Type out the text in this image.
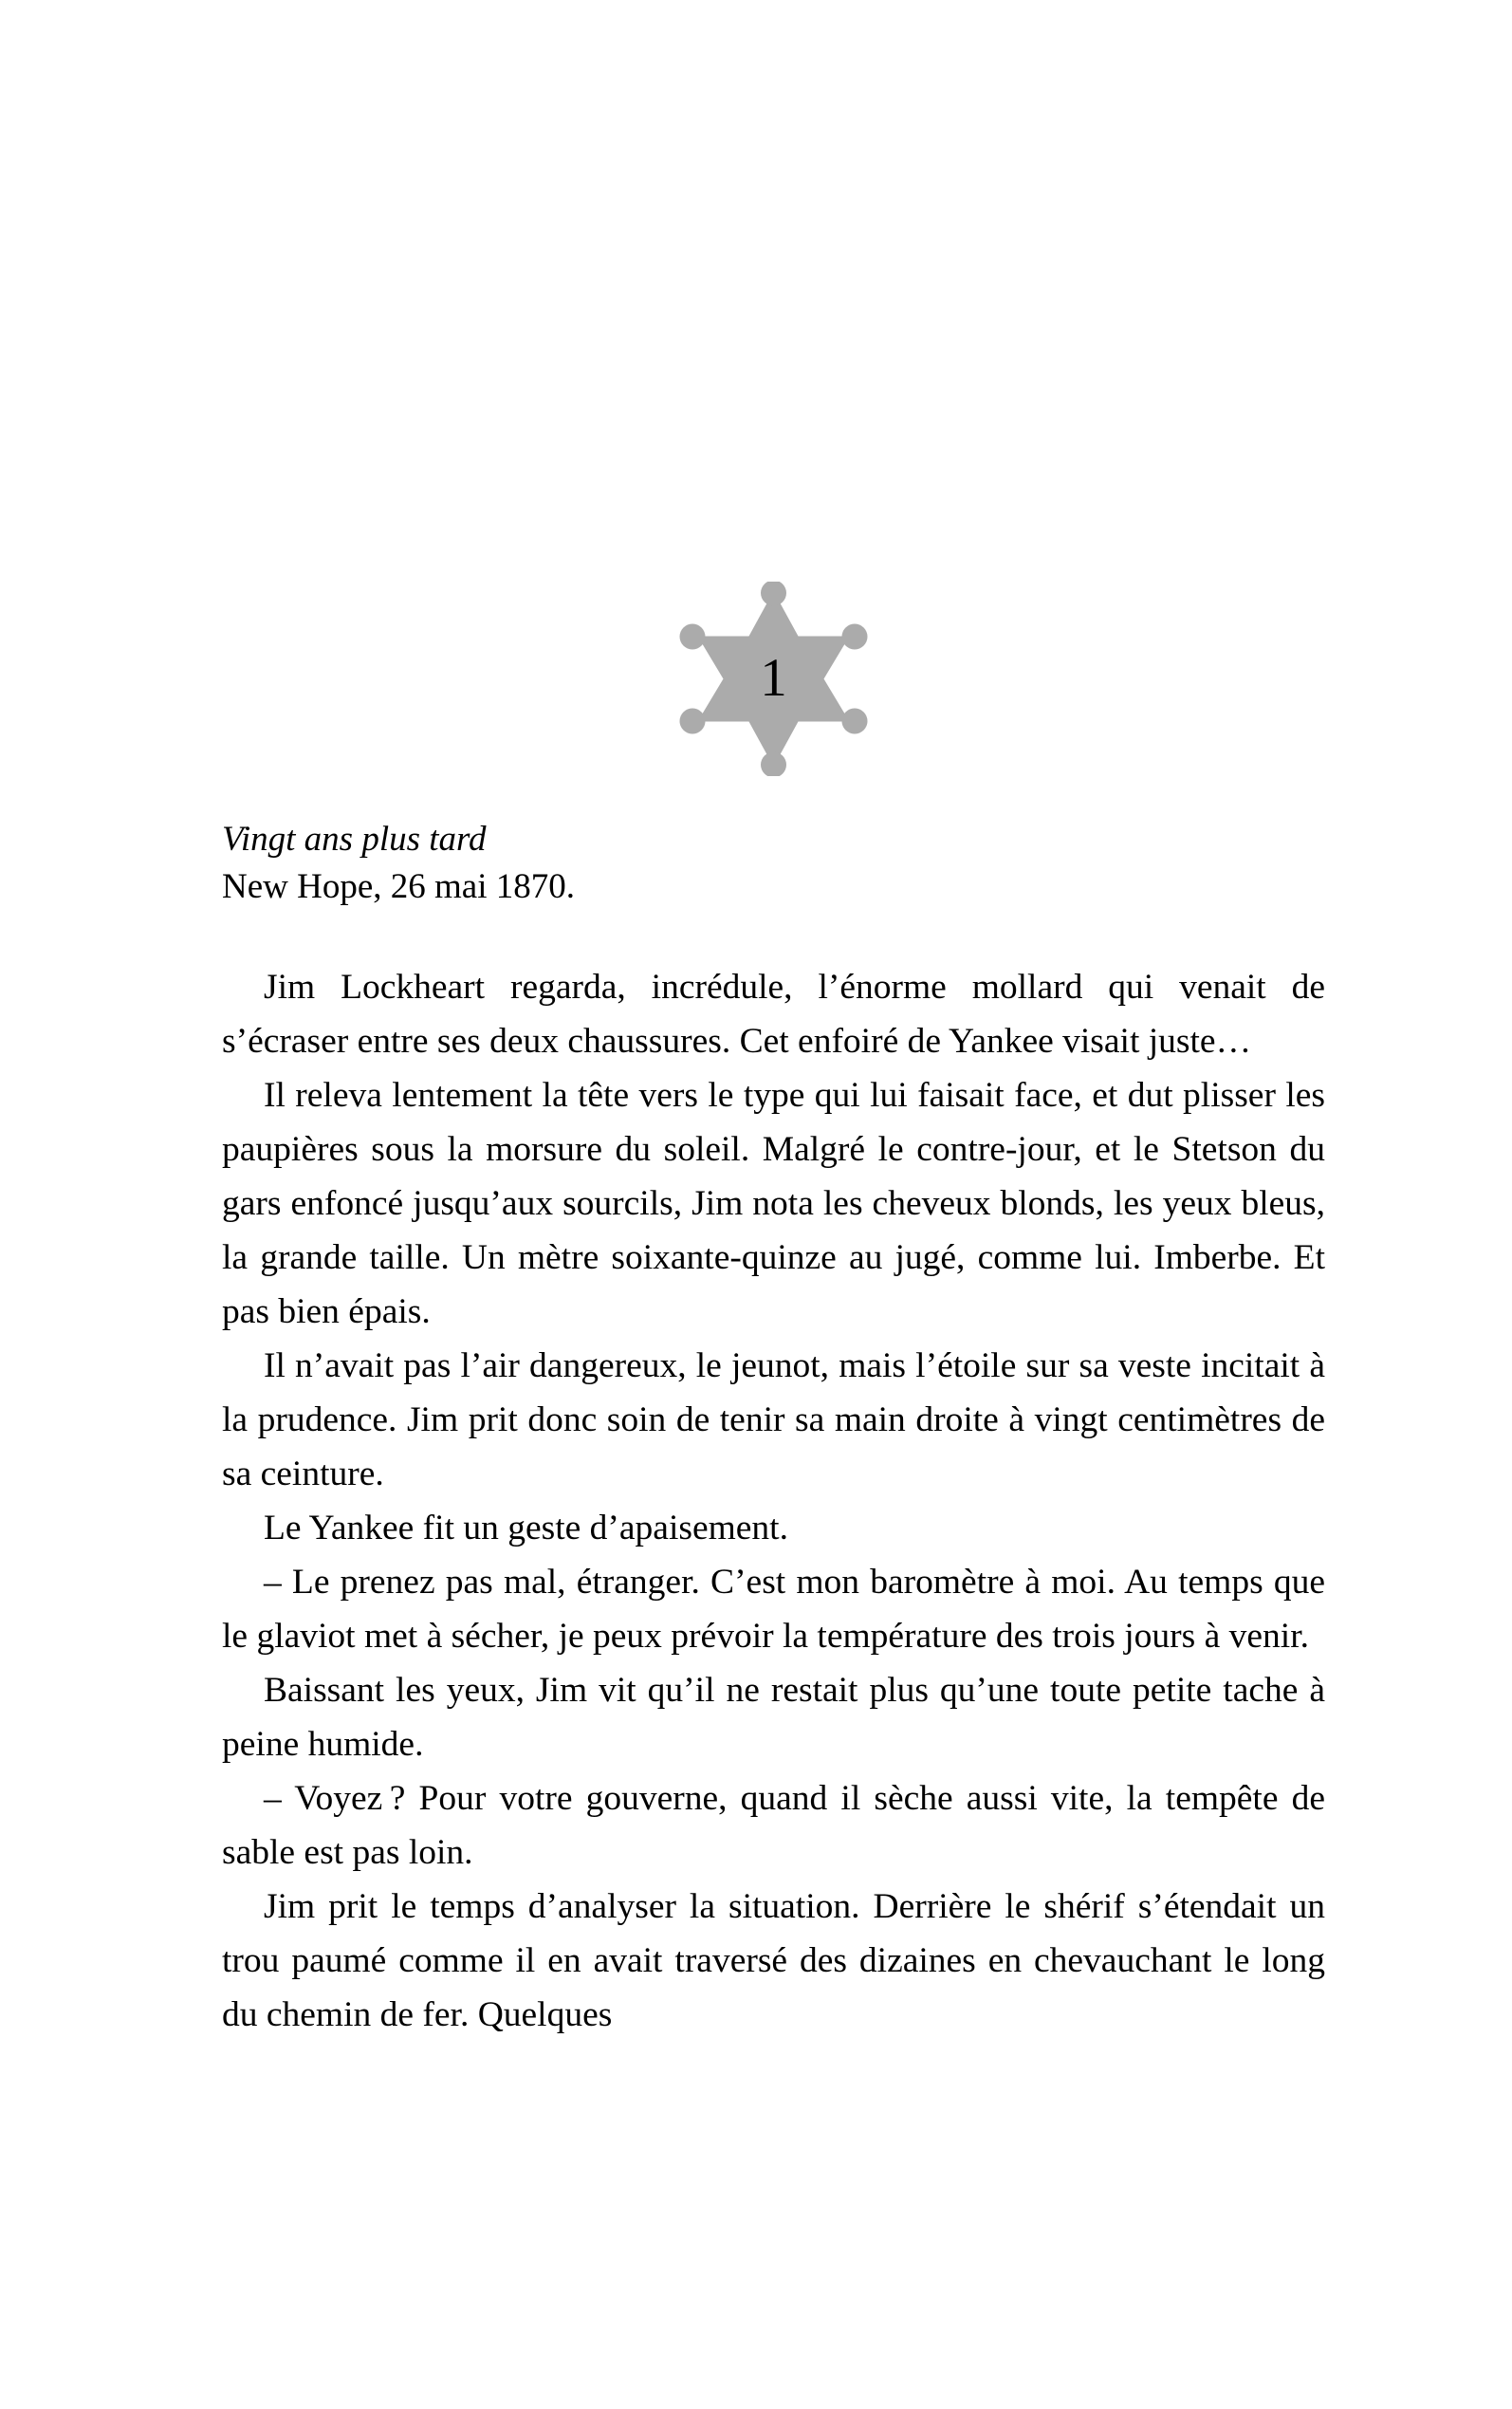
1
Vingt ans plus tard
New Hope, 26 mai 1870.

Jim Lockheart regarda, incrédule, l’énorme mollard qui venait de s’écraser entre ses deux chaussures. Cet enfoiré de Yankee visait juste…

Il releva lentement la tête vers le type qui lui faisait face, et dut plisser les paupières sous la morsure du soleil. Malgré le contre-jour, et le Stetson du gars enfoncé jusqu’aux sourcils, Jim nota les cheveux blonds, les yeux bleus, la grande taille. Un mètre soixante-quinze au jugé, comme lui. Imberbe. Et pas bien épais.

Il n’avait pas l’air dangereux, le jeunot, mais l’étoile sur sa veste incitait à la prudence. Jim prit donc soin de tenir sa main droite à vingt centimètres de sa ceinture.

Le Yankee fit un geste d’apaisement.

– Le prenez pas mal, étranger. C’est mon baromètre à moi. Au temps que le glaviot met à sécher, je peux prévoir la température des trois jours à venir.

Baissant les yeux, Jim vit qu’il ne restait plus qu’une toute petite tache à peine humide.

– Voyez ? Pour votre gouverne, quand il sèche aussi vite, la tempête de sable est pas loin.

Jim prit le temps d’analyser la situation. Derrière le shérif s’étendait un trou paumé comme il en avait traversé des dizaines en chevauchant le long du chemin de fer. Quelques
